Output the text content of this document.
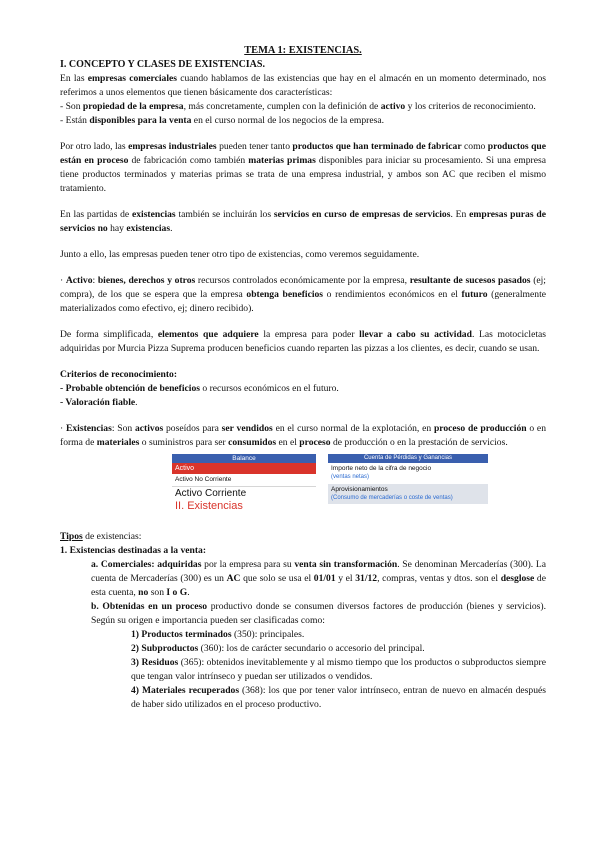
TEMA 1: EXISTENCIAS.

I. CONCEPTO Y CLASES DE EXISTENCIAS.

En las empresas comerciales cuando hablamos de las existencias que hay en el almacén en un momento determinado, nos referimos a unos elementos que tienen básicamente dos características:

- Son propiedad de la empresa, más concretamente, cumplen con la definición de activo y los criterios de reconocimiento.

- Están disponibles para la venta en el curso normal de los negocios de la empresa.

Por otro lado, las empresas industriales pueden tener tanto productos que han terminado de fabricar como productos que están en proceso de fabricación como también materias primas disponibles para iniciar su procesamiento. Si una empresa tiene productos terminados y materias primas se trata de una empresa industrial, y ambos son AC que reciben el mismo tratamiento.

En las partidas de existencias también se incluirán los servicios en curso de empresas de servicios. En empresas puras de servicios no hay existencias.

Junto a ello, las empresas pueden tener otro tipo de existencias, como veremos seguidamente.

· Activo: bienes, derechos y otros recursos controlados económicamente por la empresa, resultante de sucesos pasados (ej; compra), de los que se espera que la empresa obtenga beneficios o rendimientos económicos en el futuro (generalmente materializados como efectivo, ej; dinero recibido).

De forma simplificada, elementos que adquiere la empresa para poder llevar a cabo su actividad. Las motocicletas adquiridas por Murcia Pizza Suprema producen beneficios cuando reparten las pizzas a los clientes, es decir, cuando se usan.

Criterios de reconocimiento:

- Probable obtención de beneficios o recursos económicos en el futuro.

- Valoración fiable.

· Existencias: Son activos poseídos para ser vendidos en el curso normal de la explotación, en proceso de producción o en forma de materiales o suministros para ser consumidos en el proceso de producción o en la prestación de servicios.

Balance
Activo
Activo No Corriente
Activo Corriente
II. Existencias
Cuenta de Pérdidas y Ganancias
Importe neto de la cifra de negocio
(ventas netas)
Aprovisionamientos
(Consumo de mercaderías o coste de ventas)

Tipos de existencias:

1. Existencias destinadas a la venta:

a. Comerciales: adquiridas por la empresa para su venta sin transformación. Se denominan Mercaderías (300). La cuenta de Mercaderías (300) es un AC que solo se usa el 01/01 y el 31/12, compras, ventas y dtos. son el desglose de esta cuenta, no son I o G.

b. Obtenidas en un proceso productivo donde se consumen diversos factores de producción (bienes y servicios). Según su origen e importancia pueden ser clasificadas como:

1) Productos terminados (350): principales.

2) Subproductos (360): los de carácter secundario o accesorio del principal.

3) Residuos (365): obtenidos inevitablemente y al mismo tiempo que los productos o subproductos siempre que tengan valor intrínseco y puedan ser utilizados o vendidos.

4) Materiales recuperados (368): los que por tener valor intrínseco, entran de nuevo en almacén después de haber sido utilizados en el proceso productivo.
